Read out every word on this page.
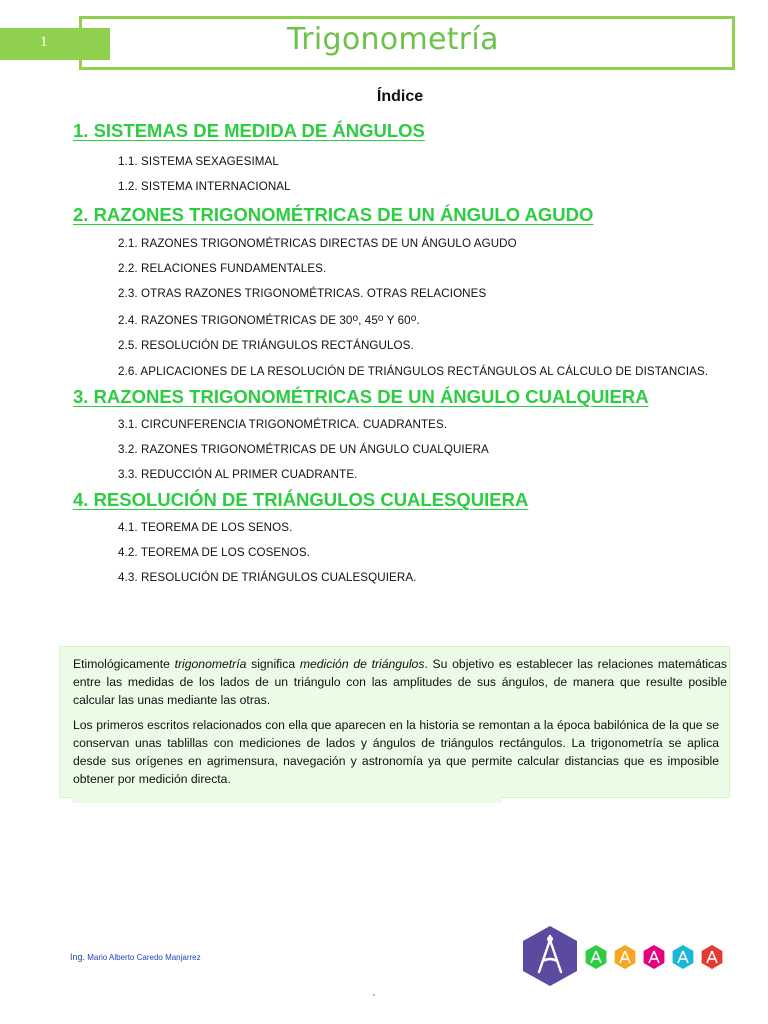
1	Trigonometría
Índice

1. SISTEMAS DE MEDIDA DE ÁNGULOS

1.1. SISTEMA SEXAGESIMAL

1.2. SISTEMA INTERNACIONAL

2. RAZONES TRIGONOMÉTRICAS DE UN ÁNGULO AGUDO

2.1. RAZONES TRIGONOMÉTRICAS DIRECTAS DE UN ÁNGULO AGUDO

2.2. RELACIONES FUNDAMENTALES.

2.3. OTRAS RAZONES TRIGONOMÉTRICAS. OTRAS RELACIONES

2.4. RAZONES TRIGONOMÉTRICAS DE 30$^o$, 45$^o$ Y 60$^o$.

2.5. RESOLUCIÓN DE TRIÁNGULOS RECTÁNGULOS.

2.6. APLICACIONES DE LA RESOLUCIÓN DE TRIÁNGULOS RECTÁNGULOS AL CÁLCULO DE DISTANCIAS.

3. RAZONES TRIGONOMÉTRICAS DE UN ÁNGULO CUALQUIERA

3.1. CIRCUNFERENCIA TRIGONOMÉTRICA. CUADRANTES.

3.2. RAZONES TRIGONOMÉTRICAS DE UN ÁNGULO CUALQUIERA

3.3. REDUCCIÓN AL PRIMER CUADRANTE.

4. RESOLUCIÓN DE TRIÁNGULOS CUALESQUIERA

4.1. TEOREMA DE LOS SENOS.

4.2. TEOREMA DE LOS COSENOS.

4.3. RESOLUCIÓN DE TRIÁNGULOS CUALESQUIERA.

Etimológicamente trigonometría significa medición de triángulos. Su objetivo es establecer las relaciones matemáticas entre las medidas de los lados de un triángulo con las amplitudes de sus ángulos, de manera que resulte posible calcular las unas mediante las otras.
Los primeros escritos relacionados con ella que aparecen en la historia se remontan a la época babilónica de la que se conservan unas tablillas con mediciones de lados y ángulos de triángulos rectángulos. La trigonometría se aplica desde sus orígenes en agrimensura, navegación y astronomía ya que permite calcular distancias que es imposible obtener por medición directa.
Ing. Mario Alberto Caredo Manjarrez
